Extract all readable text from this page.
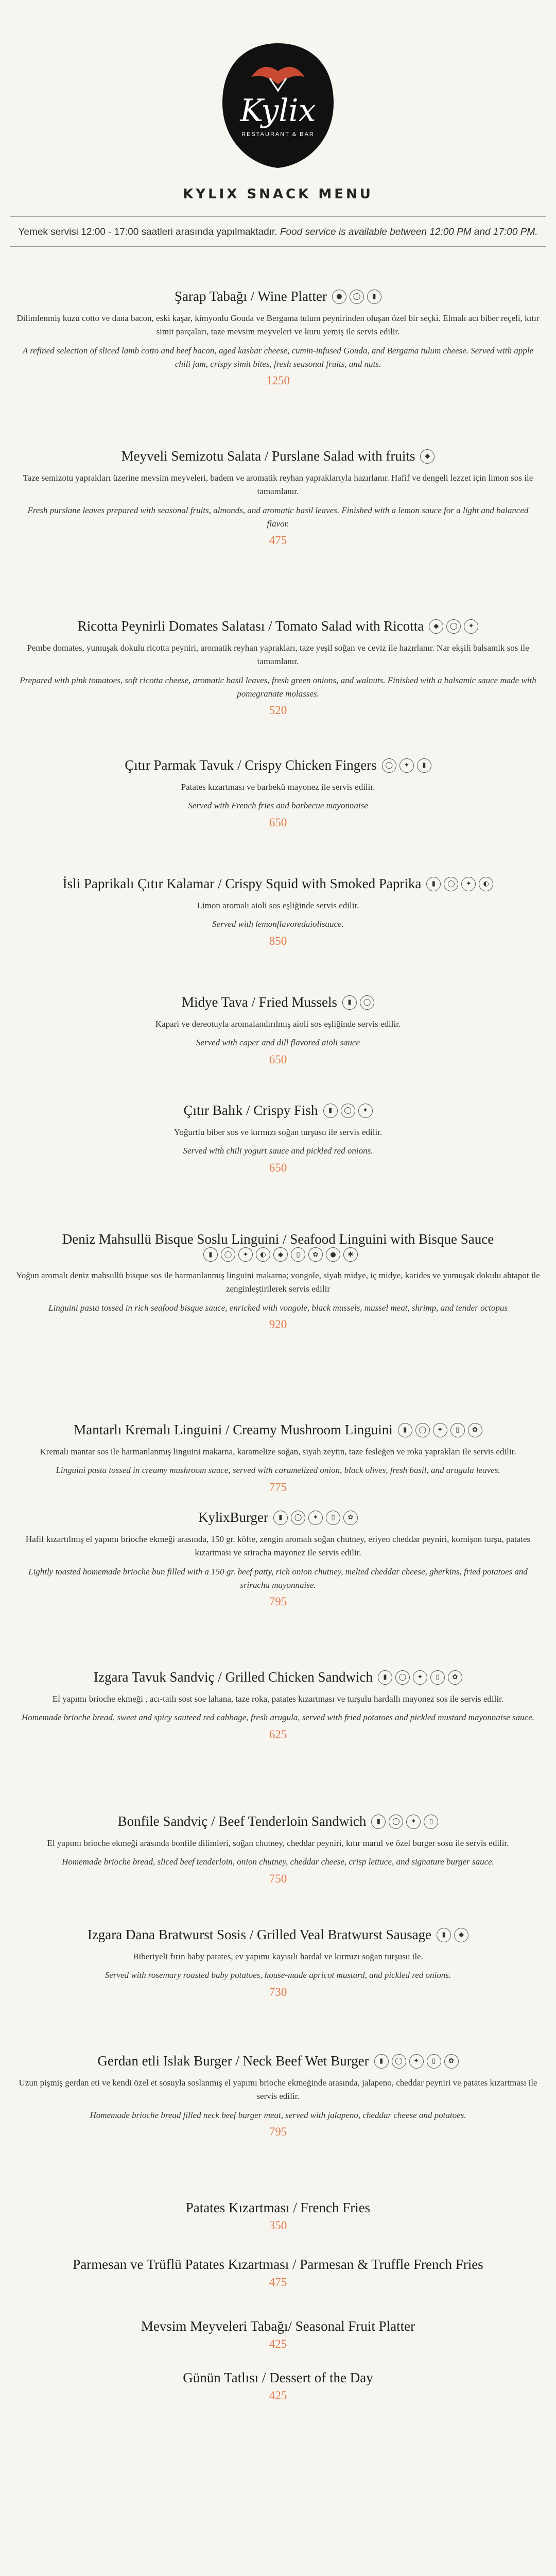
Kylix
RESTAURANT & BAR
KYLIX SNACK MENU
Yemek servisi 12:00 - 17:00 saatleri arasında yapılmaktadır. Food service is available between 12:00 PM and 17:00 PM.
Şarap Tabağı / Wine Platter	●	◯	▮
Dilimlenmiş kuzu cotto ve dana bacon, eski kaşar, kimyonlu Gouda ve Bergama tulum peynirinden oluşan özel bir seçki. Elmalı acı biber reçeli, kıtır simit parçaları, taze mevsim meyveleri ve kuru yemiş ile servis edilir.
A refined selection of sliced lamb cotto and beef bacon, aged kashar cheese, cumin-infused Gouda, and Bergama tulum cheese. Served with apple chili jam, crispy simit bites, fresh seasonal fruits, and nuts.
1250
Meyveli Semizotu Salata / Purslane Salad with fruits	◆
Taze semizotu yaprakları üzerine mevsim meyveleri, badem ve aromatik reyhan yapraklarıyla hazırlanır. Hafif ve dengeli lezzet için limon sos ile tamamlanır.
Fresh purslane leaves prepared with seasonal fruits, almonds, and aromatic basil leaves. Finished with a lemon sauce for a light and balanced flavor.
475
Ricotta Peynirli Domates Salatası / Tomato Salad with Ricotta	◆	◯	✦
Pembe domates, yumuşak dokulu ricotta peyniri, aromatik reyhan yaprakları, taze yeşil soğan ve ceviz ile hazırlanır. Nar ekşili balsamik sos ile tamamlanır.
Prepared with pink tomatoes, soft ricotta cheese, aromatic basil leaves, fresh green onions, and walnuts. Finished with a balsamic sauce made with pomegranate molasses.
520
Çıtır Parmak Tavuk / Crispy Chicken Fingers	◯	✦	▮
Patates kızartması ve barbekü mayonez ile servis edilir.
Served with French fries and barbecue mayonnaise
650
İsli Paprikalı Çıtır Kalamar / Crispy Squid with Smoked Paprika	▮	◯	✦	◐
Limon aromalı aioli sos eşliğinde servis edilir.
Served with lemonflavoredaiolisauce.
850
Midye Tava / Fried Mussels	▮	◯
Kapari ve dereotuyla aromalandırılmış aioli sos eşliğinde servis edilir.
Served with caper and dill flavored aioli sauce
650
Çıtır Balık / Crispy Fish	▮	◯	✦
Yoğurtlu biber sos ve kırmızı soğan turşusu ile servis edilir.
Served with chili yogurt sauce and pickled red onions.
650
Deniz Mahsullü Bisque Soslu Linguini / Seafood Linguini with Bisque Sauce
▮	◯	✦	◐	◆	▯	✿	●	✱
Yoğun aromalı deniz mahsullü bisque sos ile harmanlanmış linguini makarna; vongole, siyah midye, iç midye, karides ve yumuşak dokulu ahtapot ile zenginleştirilerek servis edilir
Linguini pasta tossed in rich seafood bisque sauce, enriched with vongole, black mussels, mussel meat, shrimp, and tender octopus
920
Mantarlı Kremalı Linguini / Creamy Mushroom Linguini	▮	◯	✦	▯	✿
Kremalı mantar sos ile harmanlanmış linguini makarna, karamelize soğan, siyah zeytin, taze fesleğen ve roka yaprakları ile servis edilir.
Linguini pasta tossed in creamy mushroom sauce, served with caramelized onion, black olives, fresh basil, and arugula leaves.
775
KylixBurger	▮	◯	✦	▯	✿
Hafif kızartılmış el yapımı brioche ekmeği arasında, 150 gr. köfte, zengin aromalı soğan chutney, eriyen cheddar peyniri, kornişon turşu, patates kızartması ve sriracha mayonez ile servis edilir.
Lightly toasted homemade brioche bun filled with a 150 gr. beef patty, rich onion chutney, melted cheddar cheese, gherkins, fried potatoes and sriracha mayonnaise.
795
Izgara Tavuk Sandviç / Grilled Chicken Sandwich	▮	◯	✦	▯	✿
El yapımı brioche ekmeği , acı-tatlı sost soe lahana, taze roka, patates kızartması ve turşulu hardallı mayonez sos ile servis edilir.
Homemade brioche bread, sweet and spicy sauteed red cabbage, fresh arugula, served with fried potatoes and pickled mustard mayonnaise sauce.
625
Bonfile Sandviç / Beef Tenderloin Sandwich	▮	◯	✦	▯
El yapımı brioche ekmeği arasında bonfile dilimleri, soğan chutney, cheddar peyniri, kıtır marul ve özel burger sosu ile servis edilir.
Homemade brioche bread, sliced beef tenderloin, onion chutney, cheddar cheese, crisp lettuce, and signature burger sauce.
750
Izgara Dana Bratwurst Sosis / Grilled Veal Bratwurst Sausage	▮	◆
Biberiyeli fırın baby patates, ev yapımı kayısılı hardal ve kırmızı soğan turşusu ile.
Served with rosemary roasted baby potatoes, house-made apricot mustard, and pickled red onions.
730
Gerdan etli Islak Burger / Neck Beef Wet Burger	▮	◯	✦	▯	✿
Uzun pişmiş gerdan eti ve kendi özel et sosuyla soslanmış el yapımı brioche ekmeğinde arasında, jalapeno, cheddar peyniri ve patates kızartması ile servis edilir.
Homemade brioche bread filled neck beef burger meat, served with jalapeno, cheddar cheese and potatoes.
795
Patates Kızartması / French Fries
350
Parmesan ve Trüflü Patates Kızartması / Parmesan & Truffle French Fries
475
Mevsim Meyveleri Tabağı/ Seasonal Fruit Platter
425
Günün Tatlısı / Dessert of the Day
425
